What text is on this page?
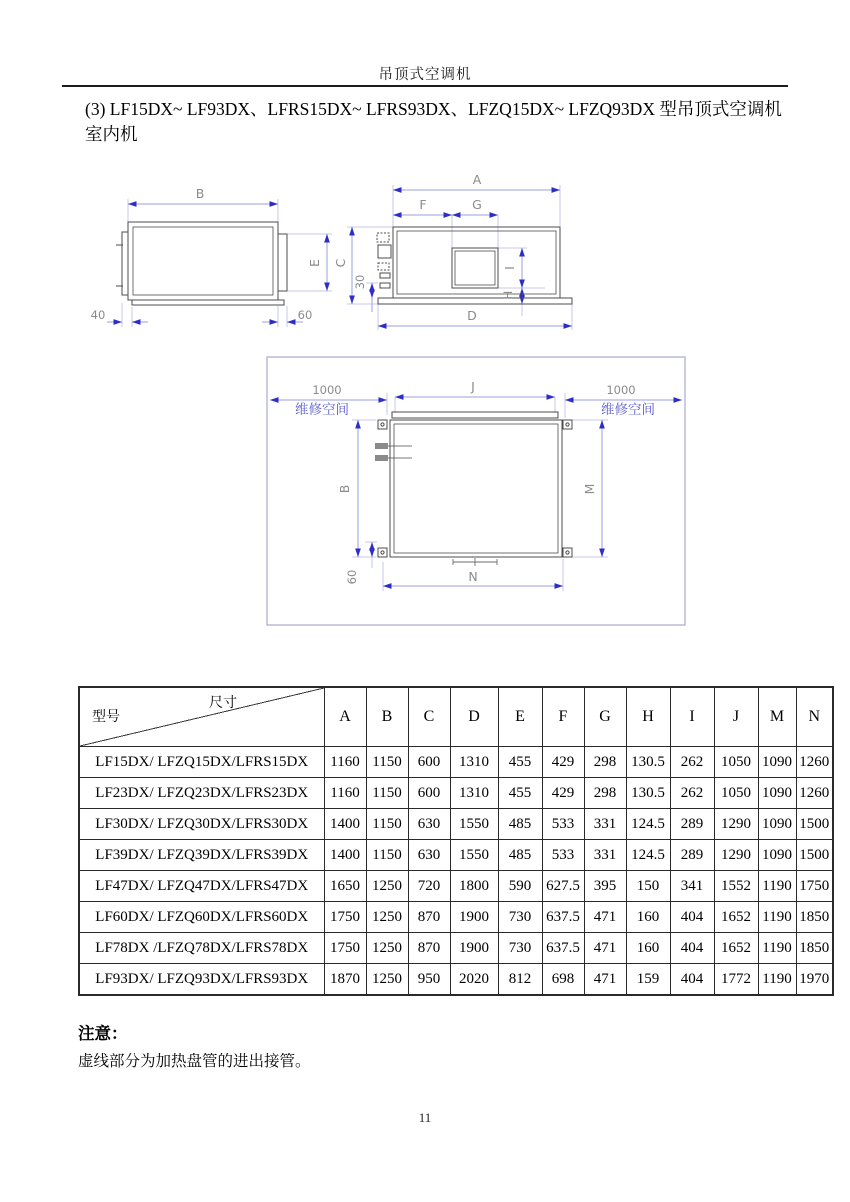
吊顶式空调机
(3) LF15DX~ LF93DX、LFRS15DX~ LFRS93DX、LFZQ15DX~ LFZQ93DX 型吊顶式空调机
室内机
B
E
40	60
A
F	G
C
30
I
H
D
1000	1000
维修空间	维修空间
J
B	M
60	N
尺寸
型号	A	B	C	D	E	F	G	H	I	J	M	N
LF15DX/ LFZQ15DX/LFRS15DX	1160	1150	600	1310	455	429	298	130.5	262	1050	1090	1260
LF23DX/ LFZQ23DX/LFRS23DX	1160	1150	600	1310	455	429	298	130.5	262	1050	1090	1260
LF30DX/ LFZQ30DX/LFRS30DX	1400	1150	630	1550	485	533	331	124.5	289	1290	1090	1500
LF39DX/ LFZQ39DX/LFRS39DX	1400	1150	630	1550	485	533	331	124.5	289	1290	1090	1500
LF47DX/ LFZQ47DX/LFRS47DX	1650	1250	720	1800	590	627.5	395	150	341	1552	1190	1750
LF60DX/ LFZQ60DX/LFRS60DX	1750	1250	870	1900	730	637.5	471	160	404	1652	1190	1850
LF78DX /LFZQ78DX/LFRS78DX	1750	1250	870	1900	730	637.5	471	160	404	1652	1190	1850
LF93DX/ LFZQ93DX/LFRS93DX	1870	1250	950	2020	812	698	471	159	404	1772	1190	1970
注意：
虚线部分为加热盘管的进出接管。
11
